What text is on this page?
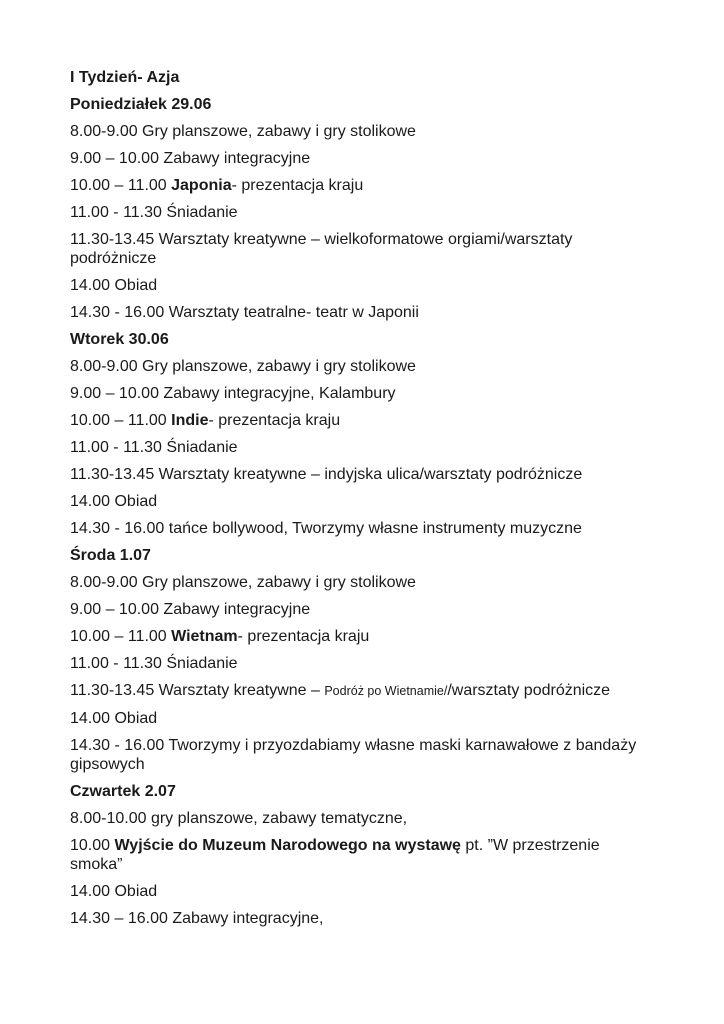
I Tydzień- Azja
Poniedziałek 29.06
8.00-9.00 Gry planszowe, zabawy i gry stolikowe
9.00 – 10.00 Zabawy integracyjne
10.00 – 11.00 Japonia- prezentacja kraju
11.00 - 11.30 Śniadanie
11.30-13.45 Warsztaty kreatywne – wielkoformatowe orgiami/warsztaty podróżnicze
14.00 Obiad
14.30 - 16.00 Warsztaty teatralne- teatr w Japonii
Wtorek 30.06
8.00-9.00 Gry planszowe, zabawy i gry stolikowe
9.00 – 10.00 Zabawy integracyjne, Kalambury
10.00 – 11.00 Indie- prezentacja kraju
11.00 - 11.30 Śniadanie
11.30-13.45 Warsztaty kreatywne – indyjska ulica/warsztaty podróżnicze
14.00 Obiad
14.30 - 16.00 tańce bollywood, Tworzymy własne instrumenty muzyczne
Środa 1.07
8.00-9.00 Gry planszowe, zabawy i gry stolikowe
9.00 – 10.00 Zabawy integracyjne
10.00 – 11.00 Wietnam- prezentacja kraju
11.00 - 11.30 Śniadanie
11.30-13.45 Warsztaty kreatywne – Podróż po Wietnamie//warsztaty podróżnicze
14.00 Obiad
14.30 - 16.00 Tworzymy i przyozdabiamy własne maski karnawałowe z bandaży gipsowych
Czwartek 2.07
8.00-10.00 gry planszowe, zabawy tematyczne,
10.00 Wyjście do Muzeum Narodowego na wystawę pt. ”W przestrzenie smoka”
14.00 Obiad
14.30 – 16.00 Zabawy integracyjne,
